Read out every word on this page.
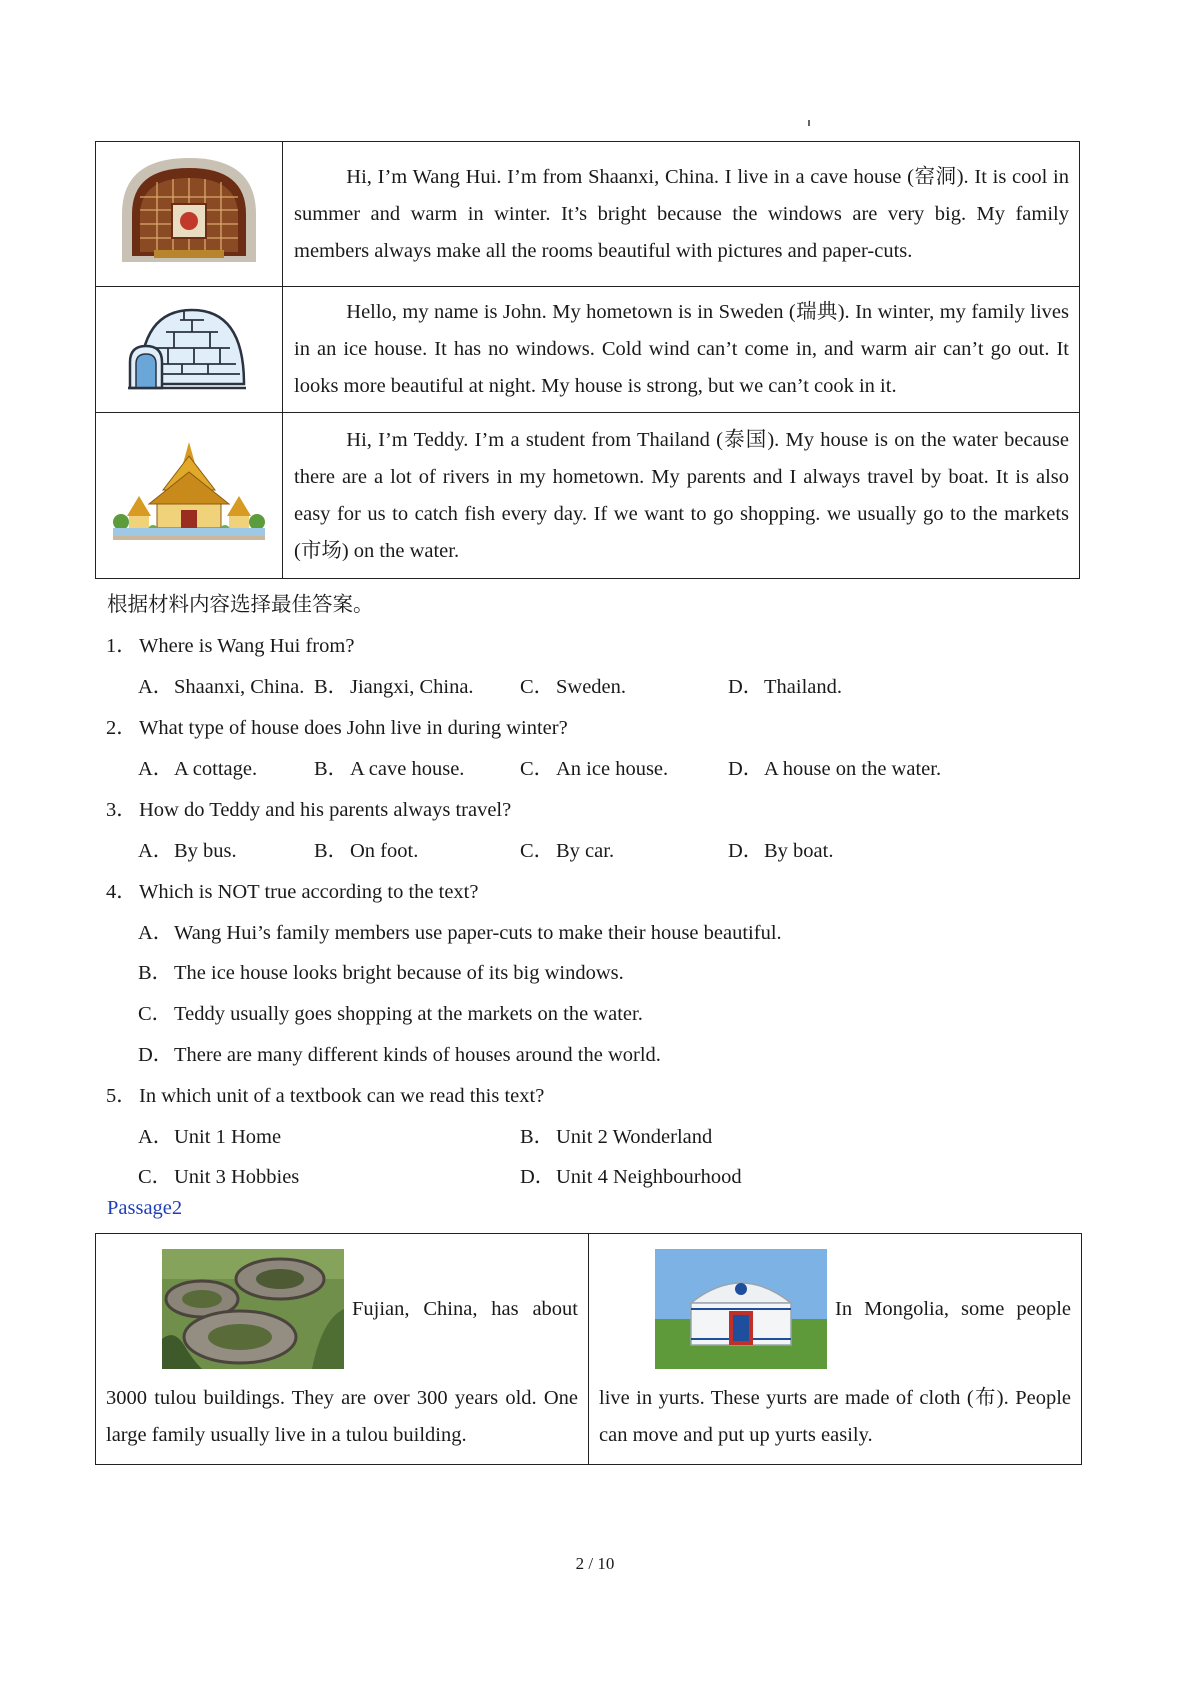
Hi, I’m Wang Hui. I’m from Shaanxi, China. I live in a cave house (窑洞). It is cool in summer and warm in winter. It’s bright because the windows are very big. My family members always make all the rooms beautiful with pictures and paper-cuts.

Hello, my name is John. My hometown is in Sweden (瑞典). In winter, my family lives in an ice house. It has no windows. Cold wind can’t come in, and warm air can’t go out. It looks more beautiful at night. My house is strong, but we can’t cook in it.

Hi, I’m Teddy. I’m a student from Thailand (泰国). My house is on the water because there are a lot of rivers in my hometown. My parents and I always travel by boat. It is also easy for us to catch fish every day. If we want to go shopping. we usually go to the markets (市场) on the water.

根据材料内容选择最佳答案。
1． Where is Wang Hui from?
A．Shaanxi, China. B．Jiangxi, China. C．Sweden.	D．Thailand.
2． What type of house does John live in during winter?
A．A cottage.	B．A cave house.	C．An ice house.	D．A house on the water.
3． How do Teddy and his parents always travel?
A．By bus.	B．On foot.	C．By car.	D．By boat.
4． Which is NOT true according to the text?
A．Wang Hui’s family members use paper-cuts to make their house beautiful.
B．The ice house looks bright because of its big windows.
C．Teddy usually goes shopping at the markets on the water.
D．There are many different kinds of houses around the world.
5． In which unit of a textbook can we read this text?
A．Unit 1 Home	B．Unit 2 Wonderland
C．Unit 3 Hobbies	D．Unit 4 Neighbourhood
Passage2
Fujian, China, has about
3000 tulou buildings. They are over 300 years old. One large family usually live in a tulou building.

In Mongolia, some people
live in yurts. These yurts are made of cloth (布). People can move and put up yurts easily.
2 / 10
